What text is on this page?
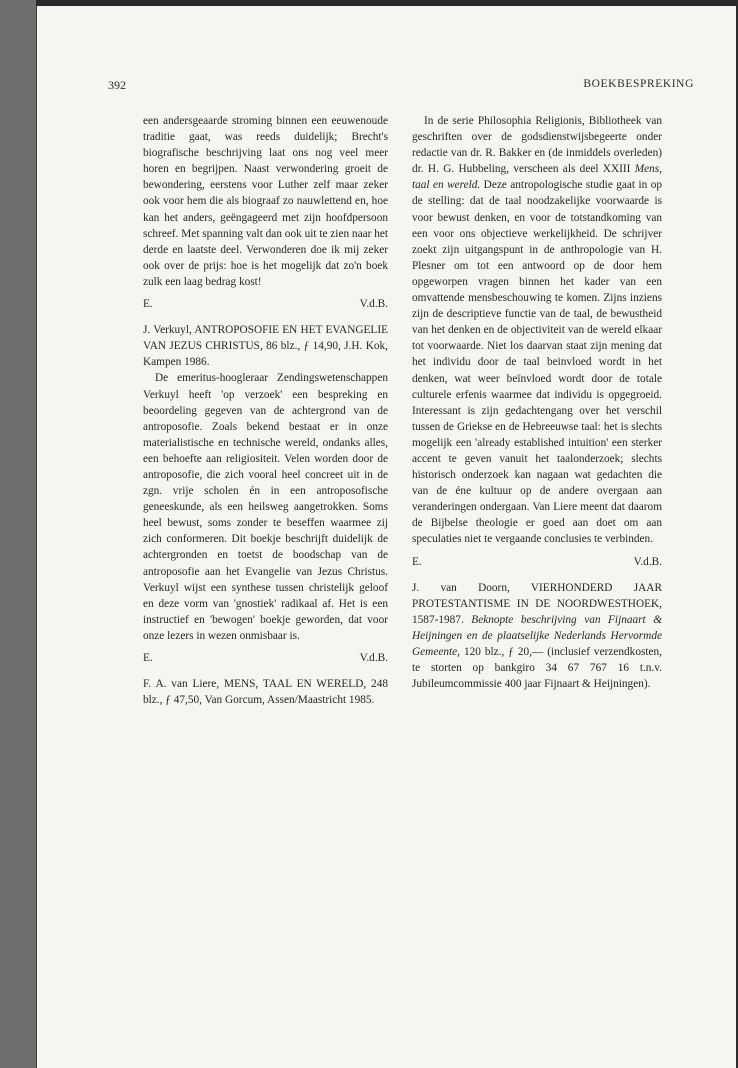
392	BOEKBESPREKING

een andersgeaarde stroming binnen een eeuwenoude traditie gaat, was reeds duidelijk; Brecht's biografische beschrijving laat ons nog veel meer horen en begrijpen. Naast verwondering groeit de bewondering, eerstens voor Luther zelf maar zeker ook voor hem die als biograaf zo nauwlettend en, hoe kan het anders, geëngageerd met zijn hoofdpersoon schreef. Met spanning valt dan ook uit te zien naar het derde en laatste deel. Verwonderen doe ik mij zeker ook over de prijs: hoe is het mogelijk dat zo'n boek zulk een laag bedrag kost!

E.	V.d.B.

J. Verkuyl, ANTROPOSOFIE EN HET EVANGELIE VAN JEZUS CHRISTUS, 86 blz., ƒ 14,90, J.H. Kok, Kampen 1986.

De emeritus-hoogleraar Zendingswetenschappen Verkuyl heeft 'op verzoek' een bespreking en beoordeling gegeven van de achtergrond van de antroposofie. Zoals bekend bestaat er in onze materialistische en technische wereld, ondanks alles, een behoefte aan religiositeit. Velen worden door de antroposofie, die zich vooral heel concreet uit in de zgn. vrije scholen én in een antroposofische geneeskunde, als een heilsweg aangetrokken. Soms heel bewust, soms zonder te beseffen waarmee zij zich conformeren. Dit boekje beschrijft duidelijk de achtergronden en toetst de boodschap van de antroposofie aan het Evangelie van Jezus Christus. Verkuyl wijst een synthese tussen christelijk geloof en deze vorm van 'gnostiek' radikaal af. Het is een instructief en 'bewogen' boekje geworden, dat voor onze lezers in wezen onmisbaar is.

E.	V.d.B.

F. A. van Liere, MENS, TAAL EN WERELD, 248 blz., ƒ 47,50, Van Gorcum, Assen/Maastricht 1985.

In de serie Philosophia Religionis, Bibliotheek van geschriften over de godsdienstwijsbegeerte onder redactie van dr. R. Bakker en (de inmiddels overleden) dr. H. G. Hubbeling, verscheen als deel XXIII Mens, taal en wereld. Deze antropologische studie gaat in op de stelling: dat de taal noodzakelijke voorwaarde is voor bewust denken, en voor de totstandkoming van een voor ons objectieve werkelijkheid. De schrijver zoekt zijn uitgangspunt in de anthropologie van H. Plesner om tot een antwoord op de door hem opgeworpen vragen binnen het kader van een omvattende mensbeschouwing te komen. Zijns inziens zijn de descriptieve functie van de taal, de bewustheid van het denken en de objectiviteit van de wereld elkaar tot voorwaarde. Niet los daarvan staat zijn mening dat het individu door de taal beinvloed wordt in het denken, wat weer beïnvloed wordt door de totale culturele erfenis waarmee dat individu is opgegroeid. Interessant is zijn gedachtengang over het verschil tussen de Griekse en de Hebreeuwse taal: het is slechts mogelijk een 'already established intuition' een sterker accent te geven vanuit het taalonderzoek; slechts historisch onderzoek kan nagaan wat gedachten die van de éne kultuur op de andere overgaan aan veranderingen ondergaan. Van Liere meent dat daarom de Bijbelse theologie er goed aan doet om aan speculaties niet te vergaande conclusies te verbinden.

E.	V.d.B.

J. van Doorn, VIERHONDERD JAAR PROTESTANTISME IN DE NOORDWESTHOEK, 1587-1987. Beknopte beschrijving van Fijnaart & Heijningen en de plaatselijke Nederlands Hervormde Gemeente, 120 blz., ƒ 20,— (inclusief verzendkosten, te storten op bankgiro 34 67 767 16 t.n.v. Jubileumcommissie 400 jaar Fijnaart & Heijningen).
